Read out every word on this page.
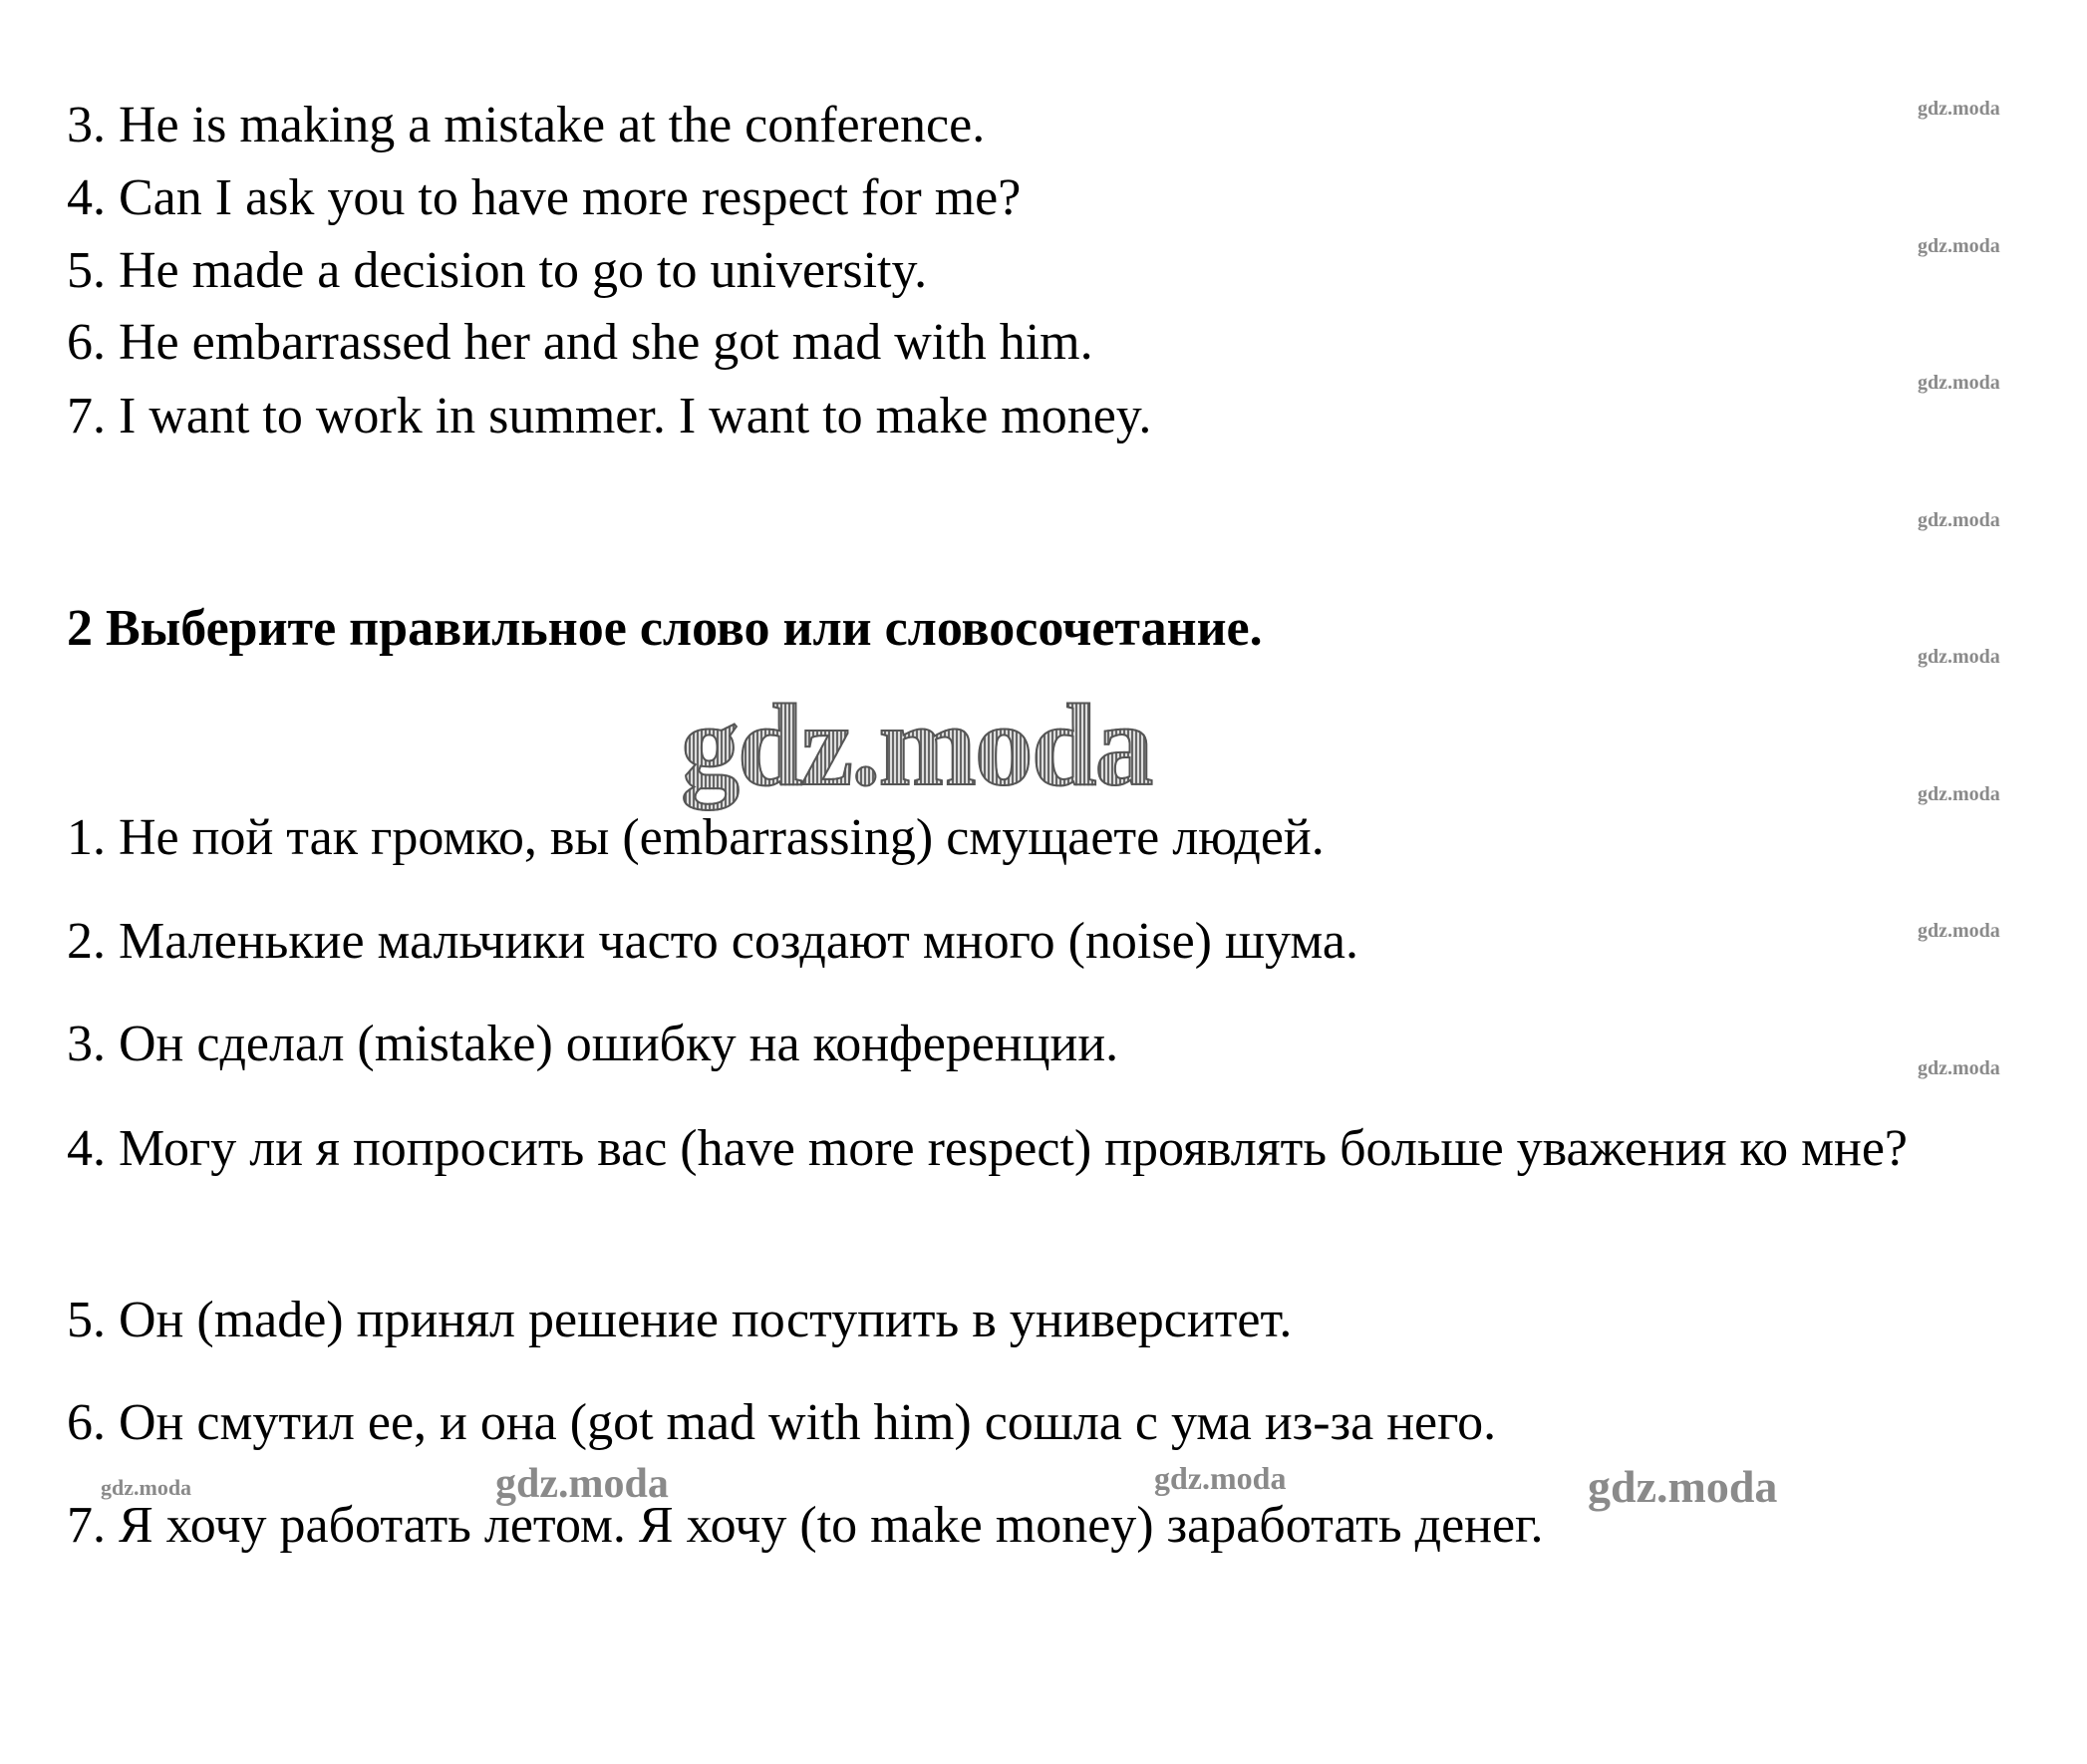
3. He is making a mistake at the conference.
4. Can I ask you to have more respect for me?
5. He made a decision to go to university.
6. He embarrassed her and she got mad with him.
7. I want to work in summer. I want to make money.
2 Выберите правильное слово или словосочетание.
gdz.moda
1. Не пой так громко, вы (embarrassing) смущаете людей.
2. Маленькие мальчики часто создают много (noise) шума.
3. Он сделал (mistake) ошибку на конференции.
4. Могу ли я попросить вас (have more respect) проявлять больше уважения ко мне?
5. Он (made) принял решение поступить в университет.
6. Он смутил ее, и она (got mad with him) сошла с ума из-за него.
7. Я хочу работать летом. Я хочу (to make money) заработать денег.
gdz.moda
gdz.moda
gdz.moda
gdz.moda
gdz.moda
gdz.moda
gdz.moda
gdz.moda
gdz.moda	gdz.moda	gdz.moda	gdz.moda
